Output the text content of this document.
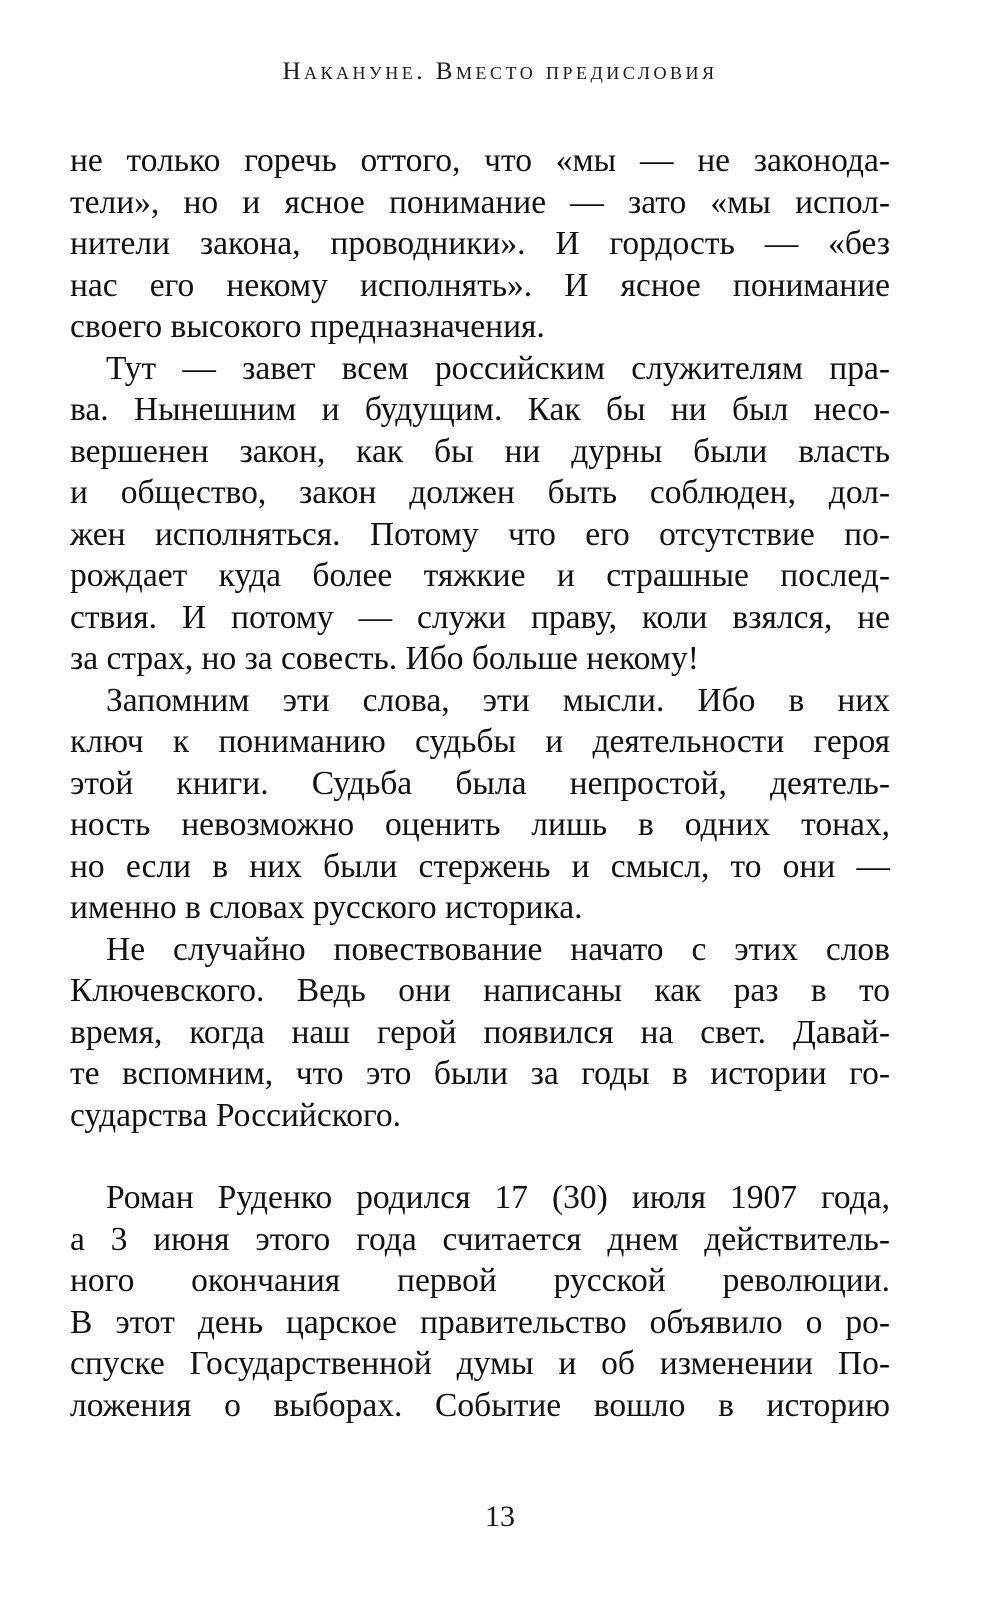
Накануне. Вместо предисловия
не только горечь оттого, что «мы — не законода-
тели», но и ясное понимание — зато «мы испол-
нители закона, проводники». И гордость — «без
нас его некому исполнять». И ясное понимание
своего высокого предназначения.
Тут — завет всем российским служителям пра-
ва. Нынешним и будущим. Как бы ни был несо-
вершенен закон, как бы ни дурны были власть
и общество, закон должен быть соблюден, дол-
жен исполняться. Потому что его отсутствие по-
рождает куда более тяжкие и страшные послед-
ствия. И потому — служи праву, коли взялся, не
за страх, но за совесть. Ибо больше некому!
Запомним эти слова, эти мысли. Ибо в них
ключ к пониманию судьбы и деятельности героя
этой книги. Судьба была непростой, деятель-
ность невозможно оценить лишь в одних тонах,
но если в них были стержень и смысл, то они —
именно в словах русского историка.
Не случайно повествование начато с этих слов
Ключевского. Ведь они написаны как раз в то
время, когда наш герой появился на свет. Давай-
те вспомним, что это были за годы в истории го-
сударства Российского.
Роман Руденко родился 17 (30) июля 1907 года,
а 3 июня этого года считается днем действитель-
ного окончания первой русской революции.
В этот день царское правительство объявило о ро-
спуске Государственной думы и об изменении По-
ложения о выборах. Событие вошло в историю
13
